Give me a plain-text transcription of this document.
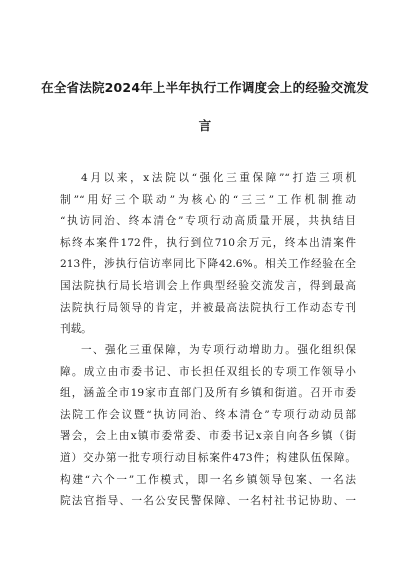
在全省法院2024年上半年执行工作调度会上的经验交流发
言
4月以来，x法院以“强化三重保障”“打造三项机
制”“用好三个联动”为核心的“三三”工作机制推动
“执访同治、终本清仓”专项行动高质量开展，共执结目
标终本案件172件，执行到位710余万元，终本出清案件
213件，涉执行信访率同比下降42.6%。相关工作经验在全
国法院执行局长培训会上作典型经验交流发言，得到最高
法院执行局领导的肯定，并被最高法院执行工作动态专刊
刊载。
一、强化三重保障，为专项行动增助力。强化组织保
障。成立由市委书记、市长担任双组长的专项工作领导小
组，涵盖全市19家市直部门及所有乡镇和街道。召开市委
法院工作会议暨“执访同治、终本清仓”专项行动动员部
署会，会上由x镇市委常委、市委书记x亲自向各乡镇（街
道）交办第一批专项行动目标案件473件；构建队伍保障。
构建“六个一”工作模式，即一名乡镇领导包案、一名法
院法官指导、一名公安民警保障、一名村社书记协助、一
